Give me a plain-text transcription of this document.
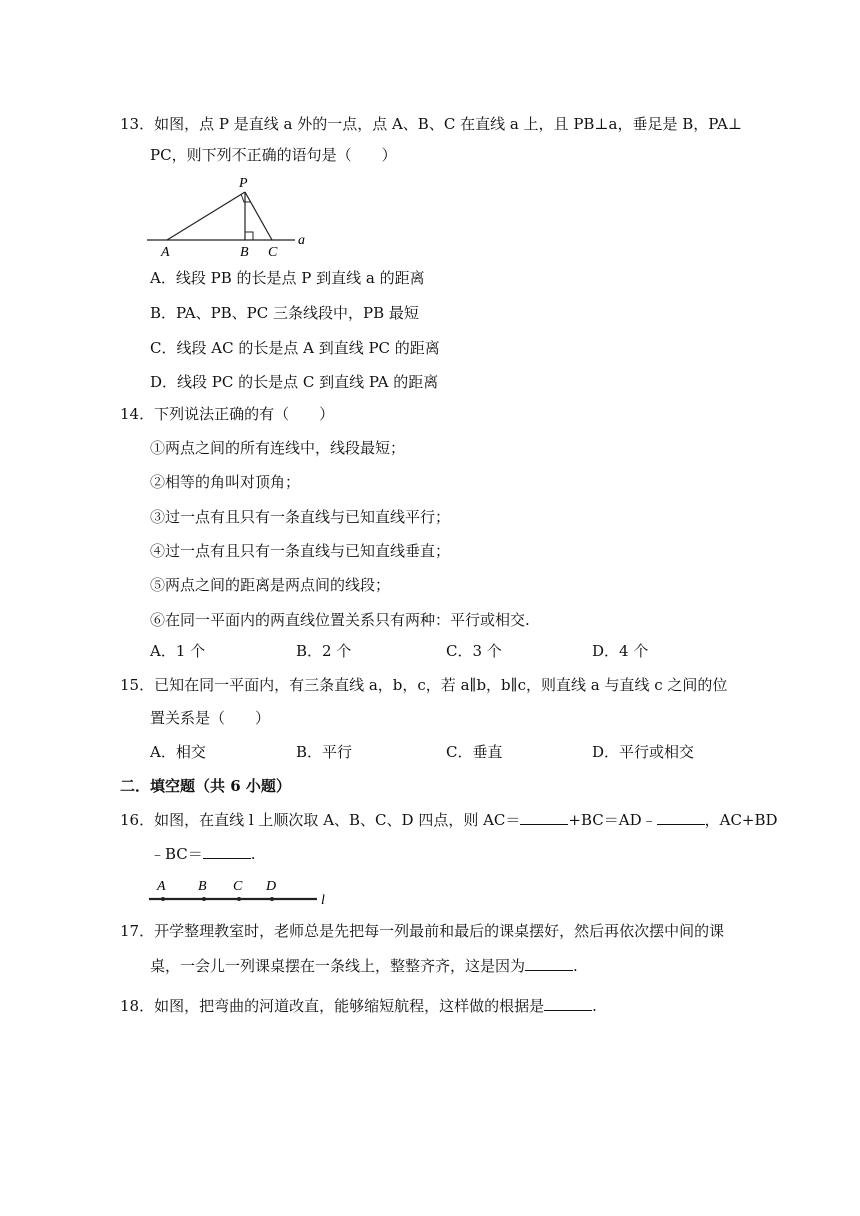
13．如图，点 P 是直线 a 外的一点，点 A、B、C 在直线 a 上，且 PB⊥a，垂足是 B，PA⊥
PC，则下列不正确的语句是（　　）
P
A	B C
a
A．线段 PB 的长是点 P 到直线 a 的距离
B．PA、PB、PC 三条线段中，PB 最短
C．线段 AC 的长是点 A 到直线 PC 的距离
D．线段 PC 的长是点 C 到直线 PA 的距离
14．下列说法正确的有（　　）
①两点之间的所有连线中，线段最短；
②相等的角叫对顶角；
③过一点有且只有一条直线与已知直线平行；
④过一点有且只有一条直线与已知直线垂直；
⑤两点之间的距离是两点间的线段；
⑥在同一平面内的两直线位置关系只有两种：平行或相交.
A．1 个	B．2 个	C．3 个	D．4 个
15．已知在同一平面内，有三条直线 a，b，c，若 a∥b，b∥c，则直线 a 与直线 c 之间的位
置关系是（　　）
A．相交	B．平行	C．垂直	D．平行或相交
二．填空题（共 6 小题）
16．如图，在直线 l 上顺次取 A、B、C、D 四点，则 AC＝	+BC＝AD﹣	，AC+BD
﹣BC＝	.
A B C D
l
17．开学整理教室时，老师总是先把每一列最前和最后的课桌摆好，然后再依次摆中间的课
桌，一会儿一列课桌摆在一条线上，整整齐齐，这是因为	.
18．如图，把弯曲的河道改直，能够缩短航程，这样做的根据是	.
